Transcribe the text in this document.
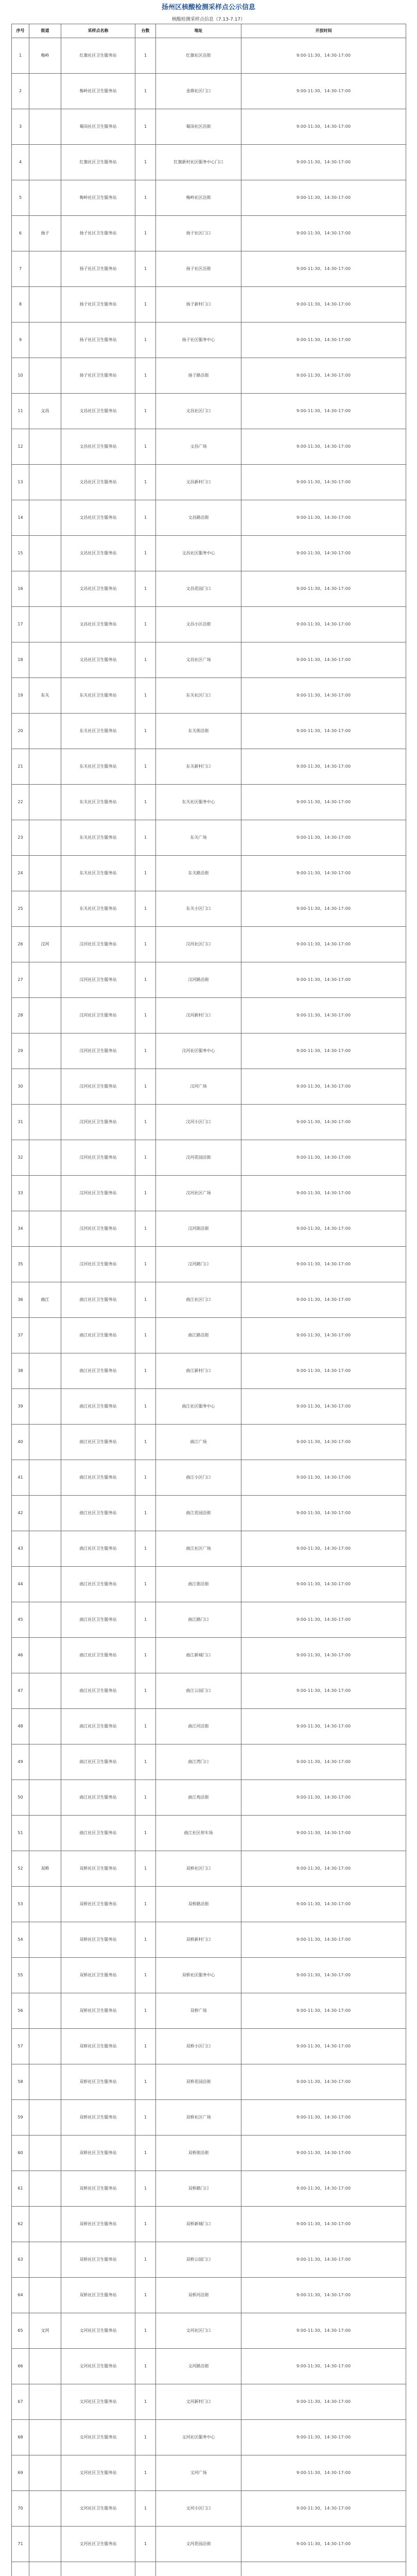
扬州区核酸检测采样点公示信息
核酸检测采样点信息（7.13-7.17）
序号	街道	采样点名称	台数	地址	开放时间
1	梅岭	红旗社区卫生服务站	1	红旗社区沿街	9:00-11:30，14:30-17:00
2		梅岭社区卫生服务站	1	金鼎社区门口	9:00-11:30，14:30-17:00
3		蜀岗社区卫生服务站	1	蜀岗社区沿街	9:00-11:30，14:30-17:00
4		红旗社区卫生服务站	1	红旗新村社区服务中心门口	9:00-11:30，14:30-17:00
5		梅岭社区卫生服务站	1	梅岭社区沿街	9:00-11:30，14:30-17:00
6	扬子	扬子社区卫生服务站	1	扬子社区门口	9:00-11:30，14:30-17:00
7		扬子社区卫生服务站	1	扬子社区沿街	9:00-11:30，14:30-17:00
8		扬子社区卫生服务站	1	扬子新村门口	9:00-11:30，14:30-17:00
9		扬子社区卫生服务站	1	扬子社区服务中心	9:00-11:30，14:30-17:00
10		扬子社区卫生服务站	1	扬子路沿街	9:00-11:30，14:30-17:00
11	文昌	文昌社区卫生服务站	1	文昌社区门口	9:00-11:30，14:30-17:00
12		文昌社区卫生服务站	1	文昌广场	9:00-11:30，14:30-17:00
13		文昌社区卫生服务站	1	文昌新村门口	9:00-11:30，14:30-17:00
14		文昌社区卫生服务站	1	文昌路沿街	9:00-11:30，14:30-17:00
15		文昌社区卫生服务站	1	文昌社区服务中心	9:00-11:30，14:30-17:00
16		文昌社区卫生服务站	1	文昌花园门口	9:00-11:30，14:30-17:00
17		文昌社区卫生服务站	1	文昌小区沿街	9:00-11:30，14:30-17:00
18		文昌社区卫生服务站	1	文昌社区广场	9:00-11:30，14:30-17:00
19	东关	东关社区卫生服务站	1	东关社区门口	9:00-11:30，14:30-17:00
20		东关社区卫生服务站	1	东关街沿街	9:00-11:30，14:30-17:00
21		东关社区卫生服务站	1	东关新村门口	9:00-11:30，14:30-17:00
22		东关社区卫生服务站	1	东关社区服务中心	9:00-11:30，14:30-17:00
23		东关社区卫生服务站	1	东关广场	9:00-11:30，14:30-17:00
24		东关社区卫生服务站	1	东关路沿街	9:00-11:30，14:30-17:00
25		东关社区卫生服务站	1	东关小区门口	9:00-11:30，14:30-17:00
26	汶河	汶河社区卫生服务站	1	汶河社区门口	9:00-11:30，14:30-17:00
27		汶河社区卫生服务站	1	汶河路沿街	9:00-11:30，14:30-17:00
28		汶河社区卫生服务站	1	汶河新村门口	9:00-11:30，14:30-17:00
29		汶河社区卫生服务站	1	汶河社区服务中心	9:00-11:30，14:30-17:00
30		汶河社区卫生服务站	1	汶河广场	9:00-11:30，14:30-17:00
31		汶河社区卫生服务站	1	汶河小区门口	9:00-11:30，14:30-17:00
32		汶河社区卫生服务站	1	汶河花园沿街	9:00-11:30，14:30-17:00
33		汶河社区卫生服务站	1	汶河社区广场	9:00-11:30，14:30-17:00
34		汶河社区卫生服务站	1	汶河街沿街	9:00-11:30，14:30-17:00
35		汶河社区卫生服务站	1	汶河路门口	9:00-11:30，14:30-17:00
36	曲江	曲江社区卫生服务站	1	曲江社区门口	9:00-11:30，14:30-17:00
37		曲江社区卫生服务站	1	曲江路沿街	9:00-11:30，14:30-17:00
38		曲江社区卫生服务站	1	曲江新村门口	9:00-11:30，14:30-17:00
39		曲江社区卫生服务站	1	曲江社区服务中心	9:00-11:30，14:30-17:00
40		曲江社区卫生服务站	1	曲江广场	9:00-11:30，14:30-17:00
41		曲江社区卫生服务站	1	曲江小区门口	9:00-11:30，14:30-17:00
42		曲江社区卫生服务站	1	曲江花园沿街	9:00-11:30，14:30-17:00
43		曲江社区卫生服务站	1	曲江社区广场	9:00-11:30，14:30-17:00
44		曲江社区卫生服务站	1	曲江街沿街	9:00-11:30，14:30-17:00
45		曲江社区卫生服务站	1	曲江路门口	9:00-11:30，14:30-17:00
46		曲江社区卫生服务站	1	曲江新城门口	9:00-11:30，14:30-17:00
47		曲江社区卫生服务站	1	曲江公园门口	9:00-11:30，14:30-17:00
48		曲江社区卫生服务站	1	曲江河沿街	9:00-11:30，14:30-17:00
49		曲江社区卫生服务站	1	曲江湾门口	9:00-11:30，14:30-17:00
50		曲江社区卫生服务站	1	曲江苑沿街	9:00-11:30，14:30-17:00
51		曲江社区卫生服务站	1	曲江社区停车场	9:00-11:30，14:30-17:00
52	双桥	双桥社区卫生服务站	1	双桥社区门口	9:00-11:30，14:30-17:00
53		双桥社区卫生服务站	1	双桥路沿街	9:00-11:30，14:30-17:00
54		双桥社区卫生服务站	1	双桥新村门口	9:00-11:30，14:30-17:00
55		双桥社区卫生服务站	1	双桥社区服务中心	9:00-11:30，14:30-17:00
56		双桥社区卫生服务站	1	双桥广场	9:00-11:30，14:30-17:00
57		双桥社区卫生服务站	1	双桥小区门口	9:00-11:30，14:30-17:00
58		双桥社区卫生服务站	1	双桥花园沿街	9:00-11:30，14:30-17:00
59		双桥社区卫生服务站	1	双桥社区广场	9:00-11:30，14:30-17:00
60		双桥社区卫生服务站	1	双桥街沿街	9:00-11:30，14:30-17:00
61		双桥社区卫生服务站	1	双桥路门口	9:00-11:30，14:30-17:00
62		双桥社区卫生服务站	1	双桥新城门口	9:00-11:30，14:30-17:00
63		双桥社区卫生服务站	1	双桥公园门口	9:00-11:30，14:30-17:00
64		双桥社区卫生服务站	1	双桥河沿街	9:00-11:30，14:30-17:00
65	文河	文河社区卫生服务站	1	文河社区门口	9:00-11:30，14:30-17:00
66		文河社区卫生服务站	1	文河路沿街	9:00-11:30，14:30-17:00
67		文河社区卫生服务站	1	文河新村门口	9:00-11:30，14:30-17:00
68		文河社区卫生服务站	1	文河社区服务中心	9:00-11:30，14:30-17:00
69		文河社区卫生服务站	1	文河广场	9:00-11:30，14:30-17:00
70		文河社区卫生服务站	1	文河小区门口	9:00-11:30，14:30-17:00
71		文河社区卫生服务站	1	文河花园沿街	9:00-11:30，14:30-17:00
